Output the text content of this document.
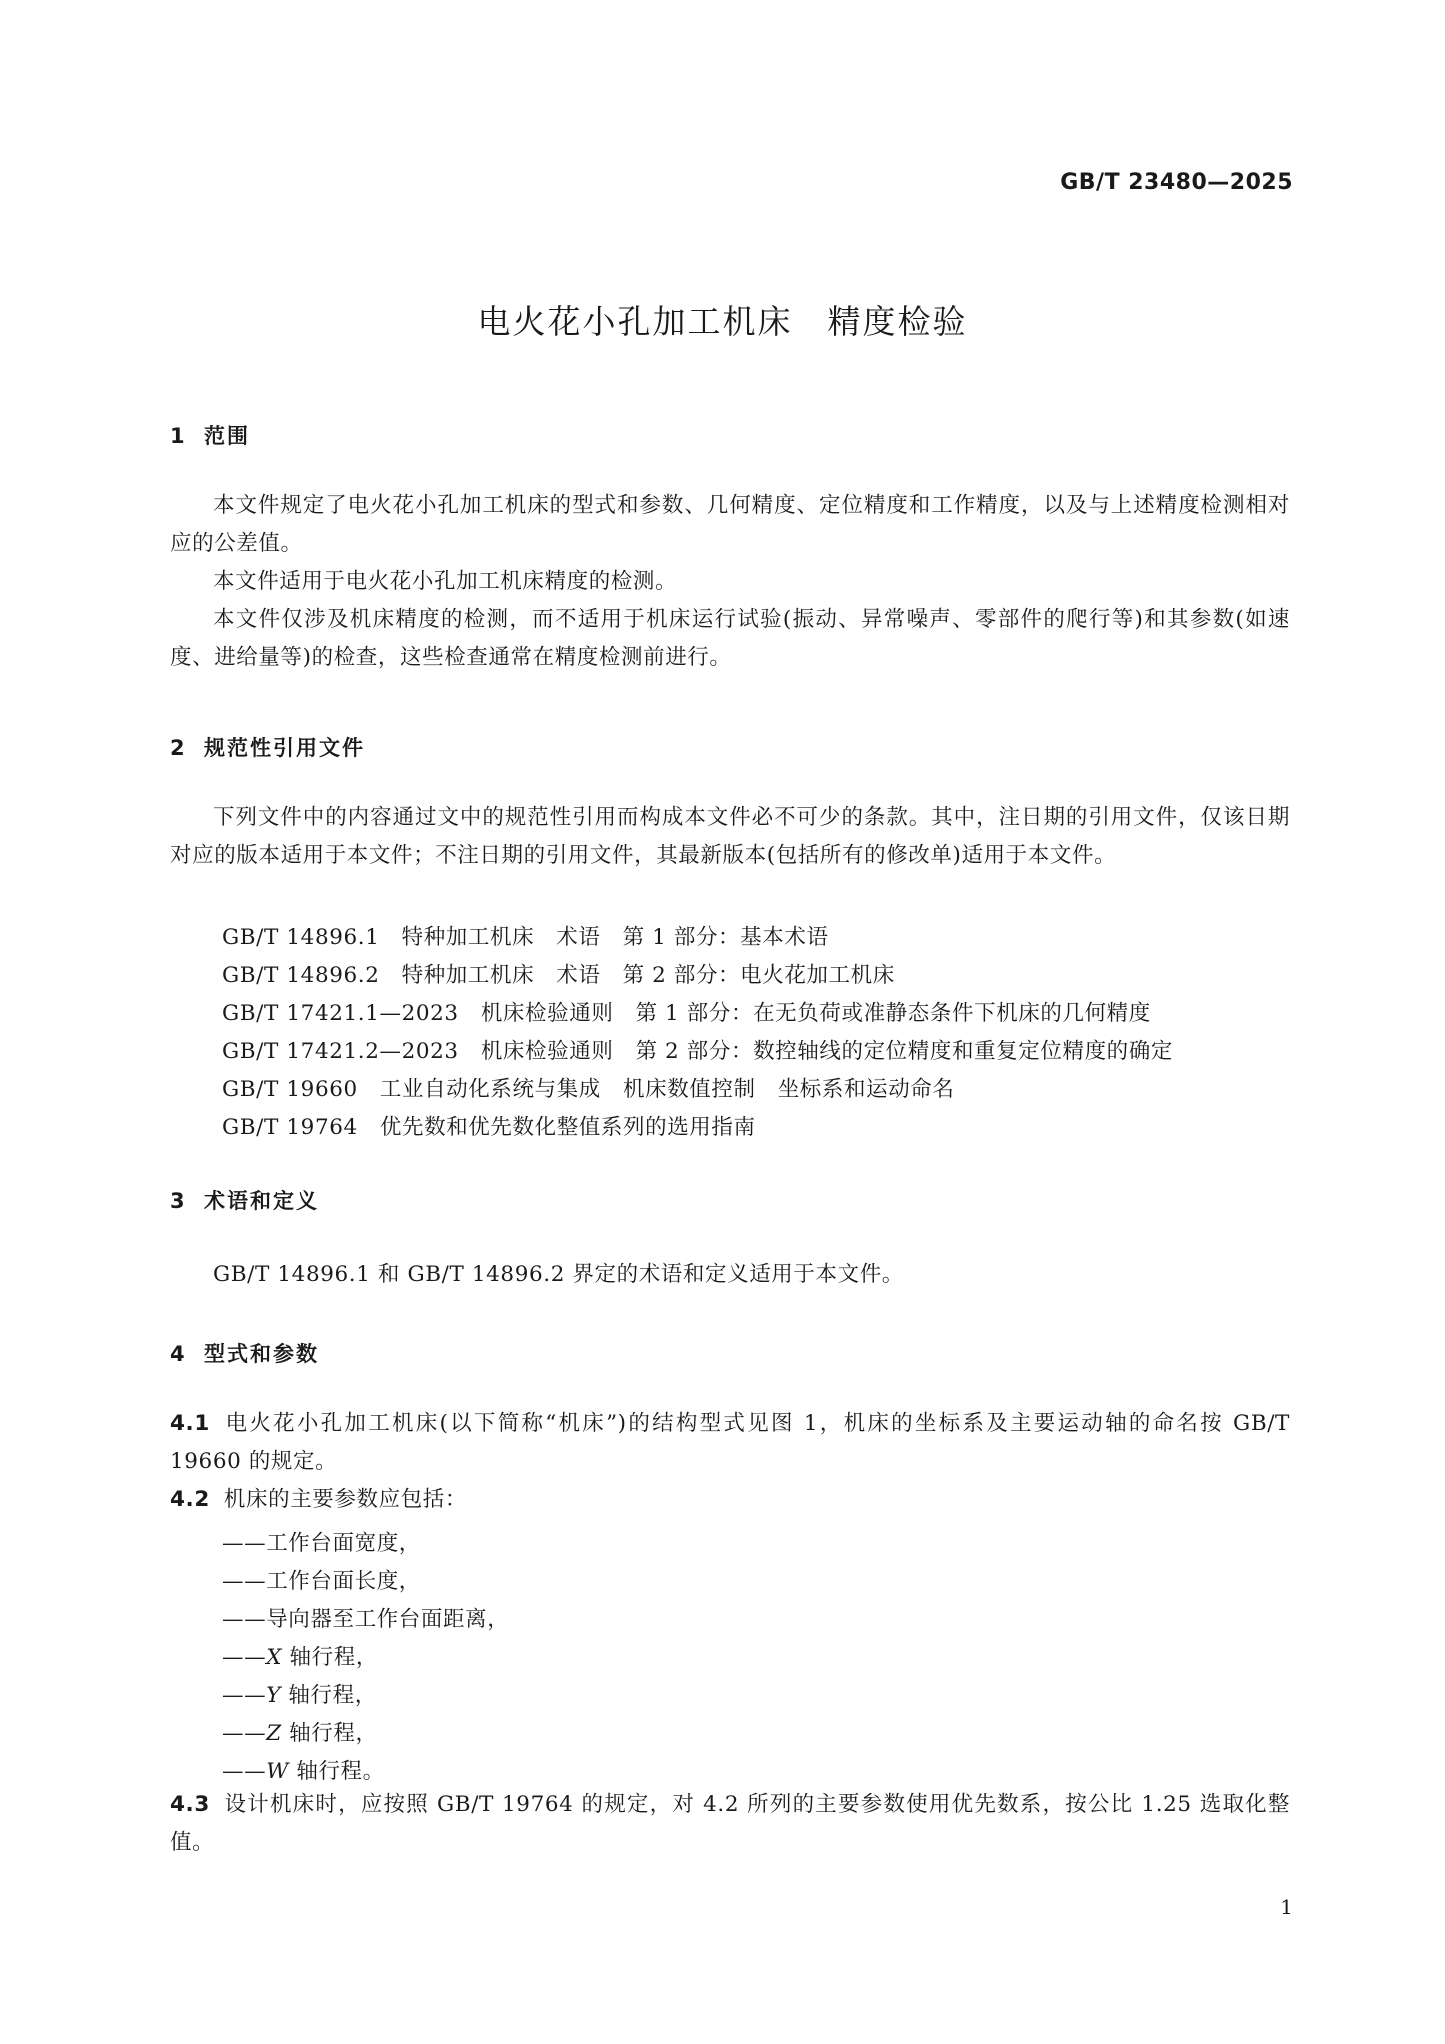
GB/T 23480—2025
电火花小孔加工机床　精度检验
1 范围
本文件规定了电火花小孔加工机床的型式和参数、几何精度、定位精度和工作精度，以及与上述精度检测相对应的公差值。
本文件适用于电火花小孔加工机床精度的检测。
本文件仅涉及机床精度的检测，而不适用于机床运行试验(振动、异常噪声、零部件的爬行等)和其参数(如速度、进给量等)的检查，这些检查通常在精度检测前进行。
2 规范性引用文件
下列文件中的内容通过文中的规范性引用而构成本文件必不可少的条款。其中，注日期的引用文件，仅该日期对应的版本适用于本文件；不注日期的引用文件，其最新版本(包括所有的修改单)适用于本文件。
GB/T 14896.1　特种加工机床　术语　第 1 部分：基本术语
GB/T 14896.2　特种加工机床　术语　第 2 部分：电火花加工机床
GB/T 17421.1—2023　机床检验通则　第 1 部分：在无负荷或准静态条件下机床的几何精度
GB/T 17421.2—2023　机床检验通则　第 2 部分：数控轴线的定位精度和重复定位精度的确定
GB/T 19660　工业自动化系统与集成　机床数值控制　坐标系和运动命名
GB/T 19764　优先数和优先数化整值系列的选用指南
3 术语和定义
GB/T 14896.1 和 GB/T 14896.2 界定的术语和定义适用于本文件。
4 型式和参数
4.1 电火花小孔加工机床(以下简称“机床”)的结构型式见图 1，机床的坐标系及主要运动轴的命名按 GB/T 19660 的规定。
4.2 机床的主要参数应包括：
——工作台面宽度，
——工作台面长度，
——导向器至工作台面距离，
——X 轴行程，
——Y 轴行程，
——Z 轴行程，
——W 轴行程。
4.3 设计机床时，应按照 GB/T 19764 的规定，对 4.2 所列的主要参数使用优先数系，按公比 1.25 选取化整值。
1
